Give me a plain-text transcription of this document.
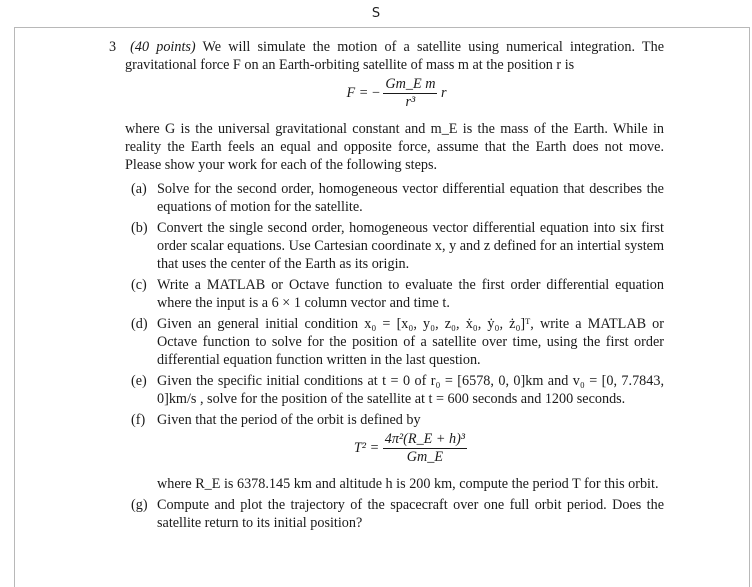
S

3 (40 points) We will simulate the motion of a satellite using numerical integration. The gravitational force F on an Earth-orbiting satellite of mass m at the position r is

F = − $\frac{\text{Gm\_E m}}{\text{r³}}$ r

where G is the universal gravitational constant and m_E is the mass of the Earth. While in reality the Earth feels an equal and opposite force, assume that the Earth does not move. Please show your work for each of the following steps.

(a) Solve for the second order, homogeneous vector differential equation that describes the equations of motion for the satellite.
(b) Convert the single second order, homogeneous vector differential equation into six first order scalar equations. Use Cartesian coordinate x, y and z defined for an intertial system that uses the center of the Earth as its origin.
(c) Write a MATLAB or Octave function to evaluate the first order differential equation where the input is a 6 × 1 column vector and time t.
(d) Given an general initial condition x₀ = [x₀, y₀, z₀, ẋ₀, ẏ₀, ż₀]ᵀ, write a MATLAB or Octave function to solve for the position of a satellite over time, using the first order differential equation function written in the last question.
(e) Given the specific initial conditions at t = 0 of r₀ = [6578, 0, 0]km and v₀ = [0, 7.7843, 0]km/s , solve for the position of the satellite at t = 600 seconds and 1200 seconds.
(f) Given that the period of the orbit is defined by
$T^2 = \frac{\text{4π²(R\_E + h)³}}{Gm\_E}$
where R_E is 6378.145 km and altitude h is 200 km, compute the period T for this orbit.
(g) Compute and plot the trajectory of the spacecraft over one full orbit period. Does the satellite return to its initial position?
